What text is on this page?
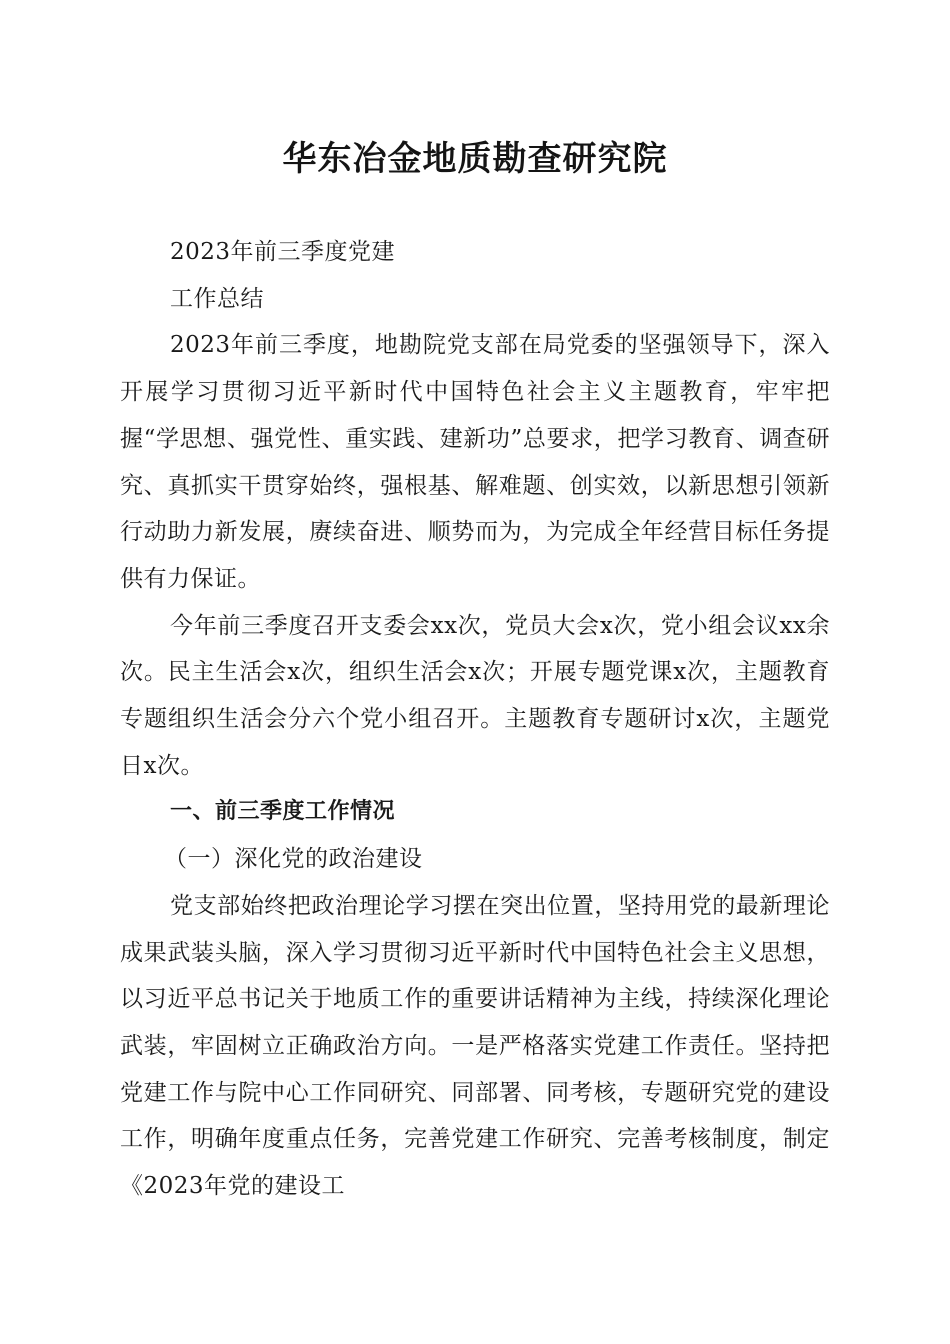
华东冶金地质勘查研究院

2023年前三季度党建

工作总结

2023年前三季度，地勘院党支部在局党委的坚强领导下，深入开展学习贯彻习近平新时代中国特色社会主义主题教育，牢牢把握“学思想、强党性、重实践、建新功”总要求，把学习教育、调查研究、真抓实干贯穿始终，强根基、解难题、创实效，以新思想引领新行动助力新发展，赓续奋进、顺势而为，为完成全年经营目标任务提供有力保证。

今年前三季度召开支委会xx次，党员大会x次，党小组会议xx余次。民主生活会x次，组织生活会x次；开展专题党课x次，主题教育专题组织生活会分六个党小组召开。主题教育专题研讨x次，主题党日x次。

一、前三季度工作情况

（一）深化党的政治建设

党支部始终把政治理论学习摆在突出位置，坚持用党的最新理论成果武装头脑，深入学习贯彻习近平新时代中国特色社会主义思想，以习近平总书记关于地质工作的重要讲话精神为主线，持续深化理论武装，牢固树立正确政治方向。一是严格落实党建工作责任。坚持把党建工作与院中心工作同研究、同部署、同考核，专题研究党的建设工作，明确年度重点任务，完善党建工作研究、完善考核制度，制定《2023年党的建设工
